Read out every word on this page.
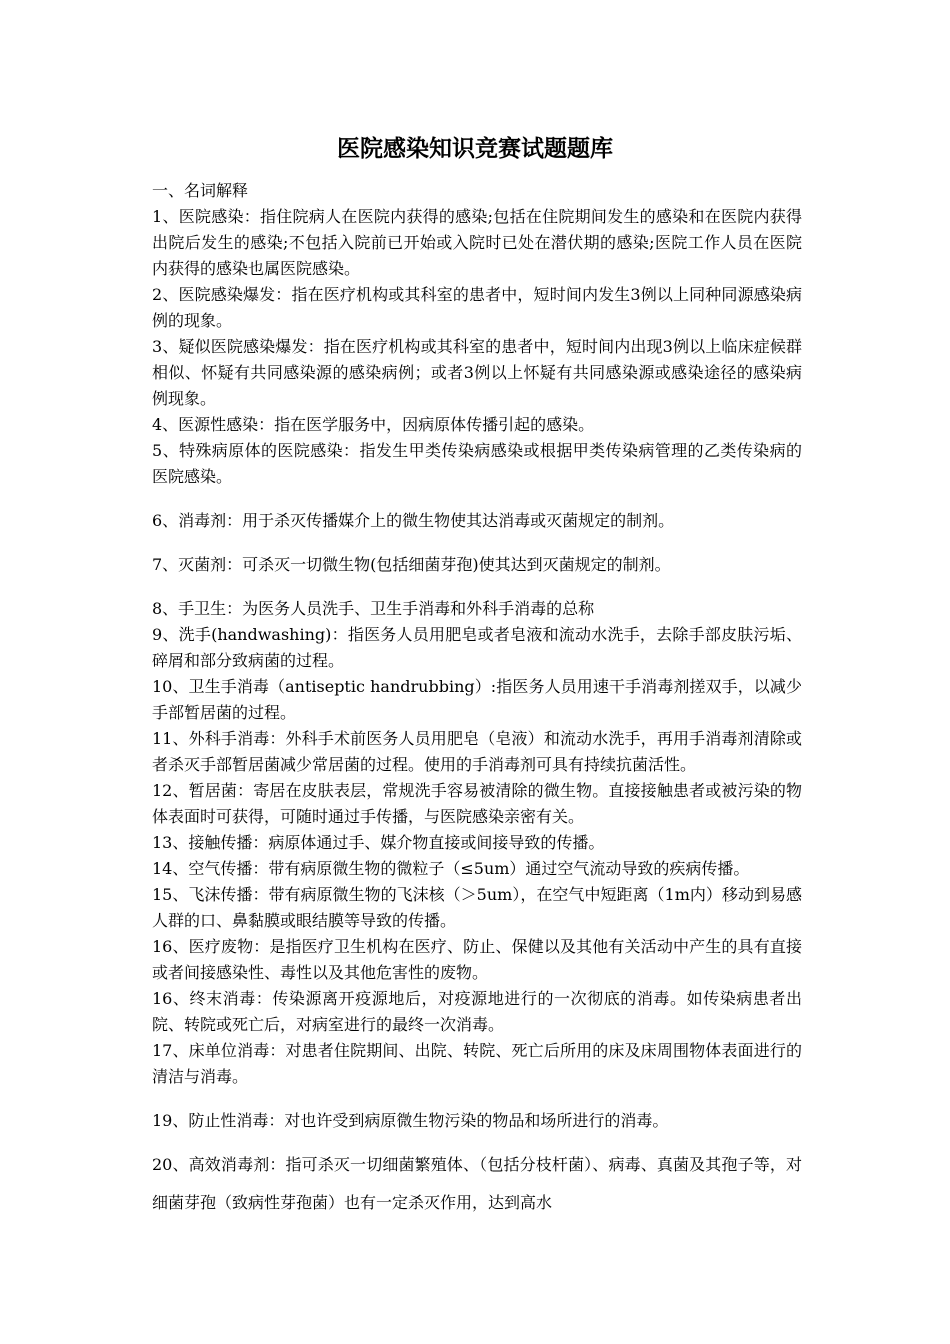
医院感染知识竞赛试题题库

一、名词解释

1、医院感染：指住院病人在医院内获得的感染;包括在住院期间发生的感染和在医院内获得出院后发生的感染;不包括入院前已开始或入院时已处在潜伏期的感染;医院工作人员在医院内获得的感染也属医院感染。

2、医院感染爆发：指在医疗机构或其科室的患者中，短时间内发生3例以上同种同源感染病例的现象。

3、疑似医院感染爆发：指在医疗机构或其科室的患者中，短时间内出现3例以上临床症候群相似、怀疑有共同感染源的感染病例；或者3例以上怀疑有共同感染源或感染途径的感染病例现象。

4、医源性感染：指在医学服务中，因病原体传播引起的感染。

5、特殊病原体的医院感染：指发生甲类传染病感染或根据甲类传染病管理的乙类传染病的医院感染。

6、消毒剂：用于杀灭传播媒介上的微生物使其达消毒或灭菌规定的制剂。

7、灭菌剂：可杀灭一切微生物(包括细菌芽孢)使其达到灭菌规定的制剂。

8、手卫生：为医务人员洗手、卫生手消毒和外科手消毒的总称

9、洗手(handwashing)：指医务人员用肥皂或者皂液和流动水洗手，去除手部皮肤污垢、碎屑和部分致病菌的过程。

10、卫生手消毒（antiseptic handrubbing）:指医务人员用速干手消毒剂搓双手，以减少手部暂居菌的过程。

11、外科手消毒：外科手术前医务人员用肥皂（皂液）和流动水洗手，再用手消毒剂清除或者杀灭手部暂居菌减少常居菌的过程。使用的手消毒剂可具有持续抗菌活性。

12、暂居菌：寄居在皮肤表层，常规洗手容易被清除的微生物。直接接触患者或被污染的物体表面时可获得，可随时通过手传播，与医院感染亲密有关。

13、接触传播：病原体通过手、媒介物直接或间接导致的传播。

14、空气传播：带有病原微生物的微粒子（≤5um）通过空气流动导致的疾病传播。

15、飞沫传播：带有病原微生物的飞沫核（＞5um），在空气中短距离（1m内）移动到易感人群的口、鼻黏膜或眼结膜等导致的传播。

16、医疗废物：是指医疗卫生机构在医疗、防止、保健以及其他有关活动中产生的具有直接或者间接感染性、毒性以及其他危害性的废物。

16、终末消毒：传染源离开疫源地后，对疫源地进行的一次彻底的消毒。如传染病患者出院、转院或死亡后，对病室进行的最终一次消毒。

17、床单位消毒：对患者住院期间、出院、转院、死亡后所用的床及床周围物体表面进行的清洁与消毒。

19、防止性消毒：对也许受到病原微生物污染的物品和场所进行的消毒。

20、高效消毒剂：指可杀灭一切细菌繁殖体、（包括分枝杆菌）、病毒、真菌及其孢子等，对细菌芽孢（致病性芽孢菌）也有一定杀灭作用，达到高水
